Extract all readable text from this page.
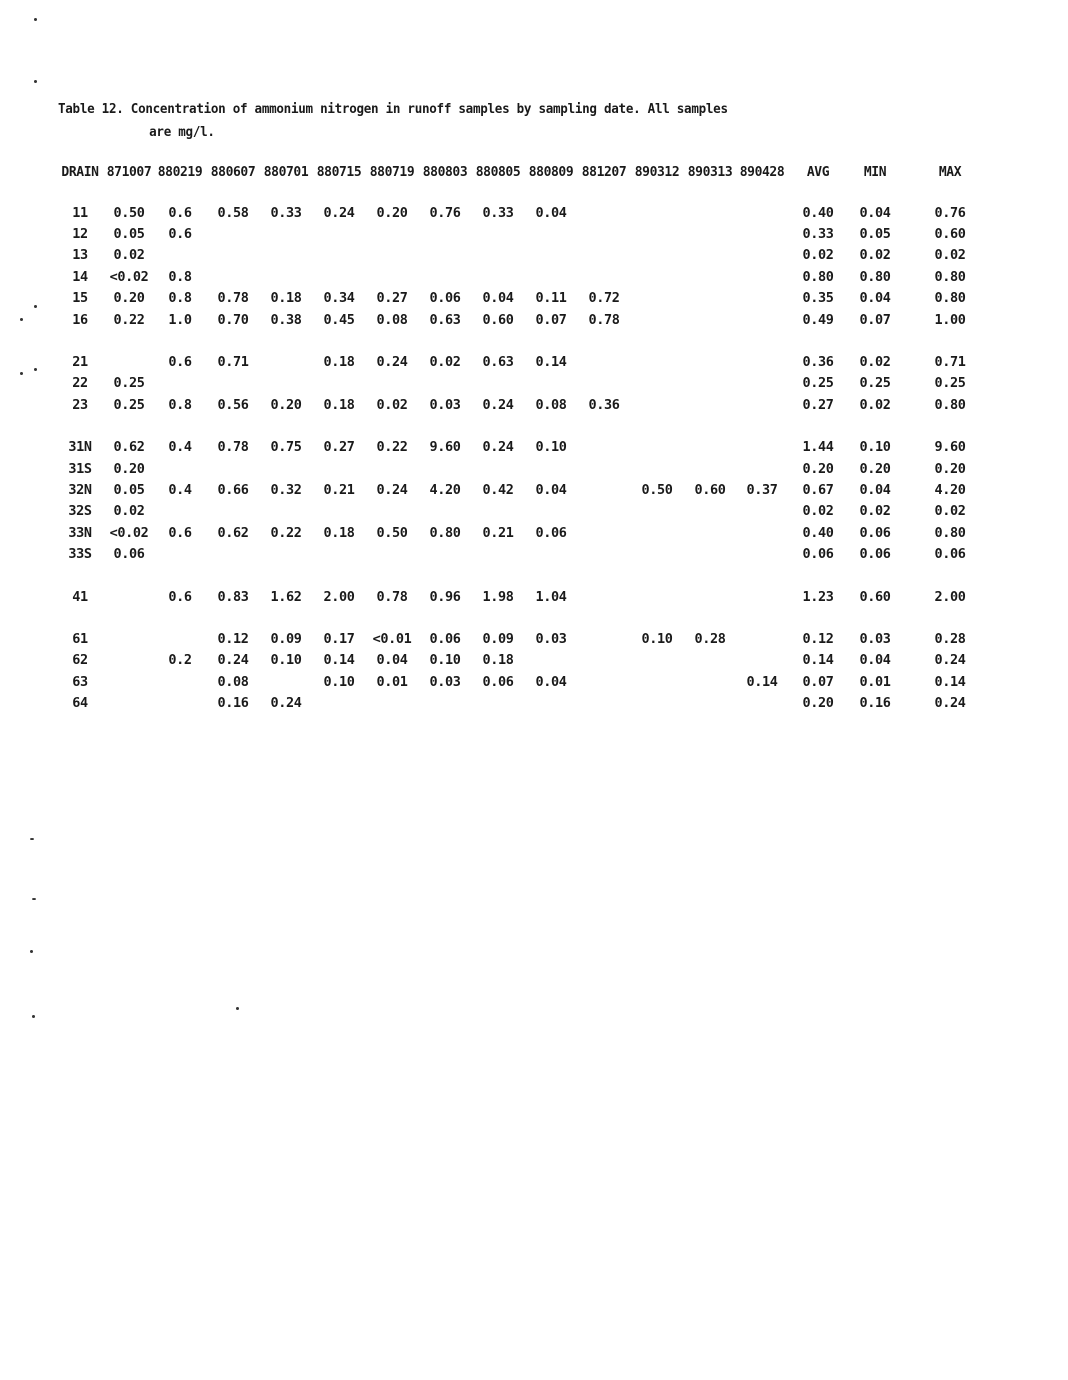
Table 12. Concentration of ammonium nitrogen in runoff samples by sampling date. All samples
are mg/l.
DRAIN	871007	880219	880607	880701	880715	880719	880803	880805	880809	881207	890312	890313	890428	AVG	MIN	MAX

11	0.50	0.6	0.58	0.33	0.24	0.20	0.76	0.33	0.04					0.40	0.04	0.76
12	0.05	0.6												0.33	0.05	0.60
13	0.02													0.02	0.02	0.02
14	<0.02	0.8												0.80	0.80	0.80
15	0.20	0.8	0.78	0.18	0.34	0.27	0.06	0.04	0.11	0.72				0.35	0.04	0.80
16	0.22	1.0	0.70	0.38	0.45	0.08	0.63	0.60	0.07	0.78				0.49	0.07	1.00

21		0.6	0.71		0.18	0.24	0.02	0.63	0.14					0.36	0.02	0.71
22	0.25													0.25	0.25	0.25
23	0.25	0.8	0.56	0.20	0.18	0.02	0.03	0.24	0.08	0.36				0.27	0.02	0.80

31N	0.62	0.4	0.78	0.75	0.27	0.22	9.60	0.24	0.10					1.44	0.10	9.60
31S	0.20													0.20	0.20	0.20
32N	0.05	0.4	0.66	0.32	0.21	0.24	4.20	0.42	0.04		0.50	0.60	0.37	0.67	0.04	4.20
32S	0.02													0.02	0.02	0.02
33N	<0.02	0.6	0.62	0.22	0.18	0.50	0.80	0.21	0.06					0.40	0.06	0.80
33S	0.06													0.06	0.06	0.06

41		0.6	0.83	1.62	2.00	0.78	0.96	1.98	1.04					1.23	0.60	2.00

61			0.12	0.09	0.17	<0.01	0.06	0.09	0.03		0.10	0.28		0.12	0.03	0.28
62		0.2	0.24	0.10	0.14	0.04	0.10	0.18						0.14	0.04	0.24
63			0.08		0.10	0.01	0.03	0.06	0.04				0.14	0.07	0.01	0.14
64			0.16	0.24										0.20	0.16	0.24
